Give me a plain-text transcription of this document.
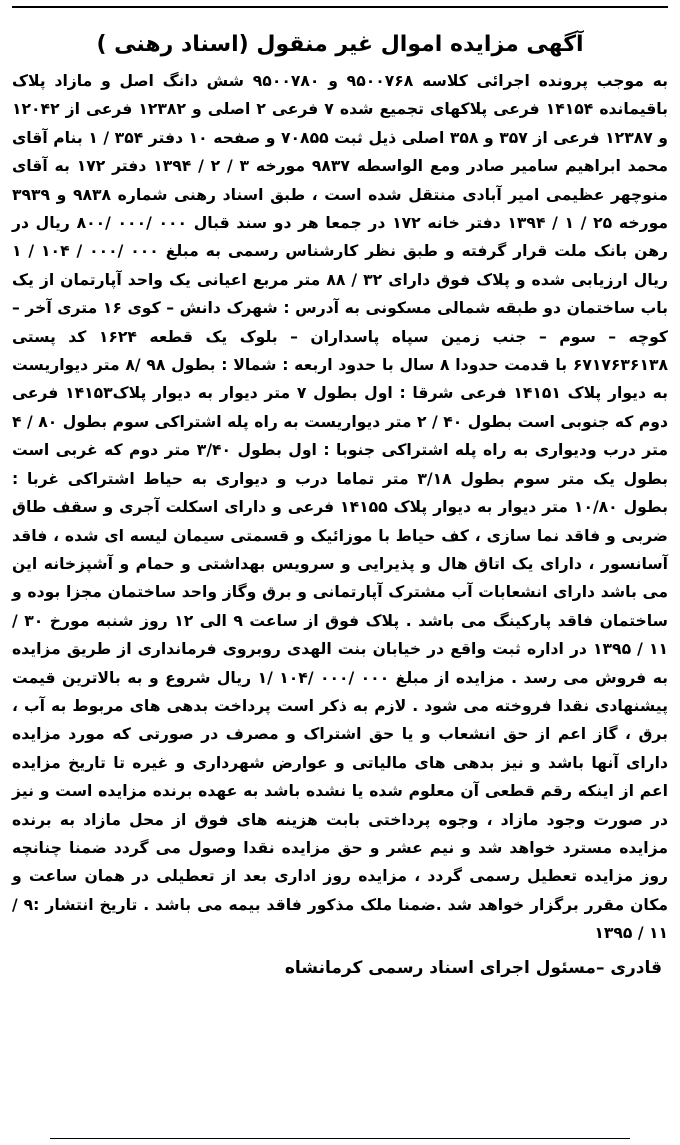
آگهی مزایده اموال غیر منقول (اسناد رهنی )

به موجب پرونده اجرائی کلاسه ۹۵۰۰۷۶۸ و ۹۵۰۰۷۸۰ شش دانگ اصل و مازاد پلاک باقیمانده ۱۴۱۵۴ فرعی پلاکهای تجمیع شده ۷ فرعی ۲ اصلی و ۱۲۳۸۲ فرعی از ۱۲۰۴۲ و ۱۲۳۸۷ فرعی از ۳۵۷ و ۳۵۸ اصلی ذیل ثبت ۷۰۸۵۵ و صفحه ۱۰ دفتر ۳۵۴ / ۱ بنام آقای محمد ابراهیم سامیر صادر ومع الواسطه ۹۸۳۷ مورخه ۳ / ۲ / ۱۳۹۴ دفتر ۱۷۲ به آقای منوچهر عظیمی امیر آبادی منتقل شده است ، طبق اسناد رهنی شماره ۹۸۳۸ و ۳۹۳۹ مورخه ۲۵ / ۱ / ۱۳۹۴ دفتر خانه ۱۷۲ در جمعا هر دو سند قبال ۰۰۰ /۰۰۰ /۸۰۰ ریال در رهن بانک ملت قرار گرفته و طبق نظر کارشناس رسمی به مبلغ ۰۰۰ /۰۰۰ / ۱۰۴ / ۱ ریال ارزیابی شده و پلاک فوق دارای ۳۲ / ۸۸ متر مربع اعیانی یک واحد آپارتمان از یک باب ساختمان دو طبقه شمالی مسکونی به آدرس : شهرک دانش – کوی ۱۶ متری آخر – کوچه – سوم – جنب زمین سپاه پاسداران – بلوک یک قطعه ۱۶۲۴ کد پستی ۶۷۱۷۶۳۶۱۳۸ با قدمت حدودا ۸ سال با حدود اربعه : شمالا : بطول ۹۸ /۸ متر دیواریست به دیوار پلاک ۱۴۱۵۱ فرعی شرقا : اول بطول ۷ متر دیوار به دیوار پلاک۱۴۱۵۳ فرعی دوم که جنوبی است بطول ۴۰ / ۲ متر دیواریست به راه پله اشتراکی سوم بطول ۸۰ / ۴ متر درب ودیواری به راه پله اشتراکی جنوبا : اول بطول ۳/۴۰ متر دوم که غربی است بطول یک متر سوم بطول ۳/۱۸ متر تماما درب و دیواری به حیاط اشتراکی غربا : بطول ۱۰/۸۰ متر دیوار به دیوار پلاک ۱۴۱۵۵ فرعی و دارای اسکلت آجری و سقف طاق ضربی و فاقد نما سازی ، کف حیاط با موزائیک و قسمتی سیمان لیسه ای شده ، فاقد آسانسور ، دارای یک اتاق هال و پذیرایی و سرویس بهداشتی و حمام و آشپزخانه این می باشد دارای انشعابات آب مشترک آپارتمانی و برق وگاز واحد ساختمان مجزا بوده و ساختمان فاقد پارکینگ می باشد . پلاک فوق از ساعت ۹ الی ۱۲ روز شنبه مورخ ۳۰ / ۱۱ / ۱۳۹۵ در اداره ثبت واقع در خیابان بنت الهدی روبروی فرمانداری از طریق مزایده به فروش می رسد . مزایده از مبلغ ۰۰۰ /۰۰۰ /۱۰۴ /۱ ریال شروع و به بالاترین قیمت پیشنهادی نقدا فروخته می شود . لازم به ذکر است پرداخت بدهی های مربوط به آب ، برق ، گاز اعم از حق انشعاب و یا حق اشتراک و مصرف در صورتی که مورد مزایده دارای آنها باشد و نیز بدهی های مالیاتی و عوارض شهرداری و غیره تا تاریخ مزایده اعم از اینکه رقم قطعی آن معلوم شده یا نشده باشد به عهده برنده مزایده است و نیز در صورت وجود مازاد ، وجوه پرداختی بابت هزینه های فوق از محل مازاد به برنده مزایده مسترد خواهد شد و نیم عشر و حق مزایده نقدا وصول می گردد ضمنا چنانچه روز مزایده تعطیل رسمی گردد ، مزایده روز اداری بعد از تعطیلی در همان ساعت و مکان مقرر برگزار خواهد شد .ضمنا ملک مذکور فاقد بیمه می باشد . تاریخ انتشار :۹ / ۱۱ / ۱۳۹۵

قادری –مسئول اجرای اسناد رسمی کرمانشاه
